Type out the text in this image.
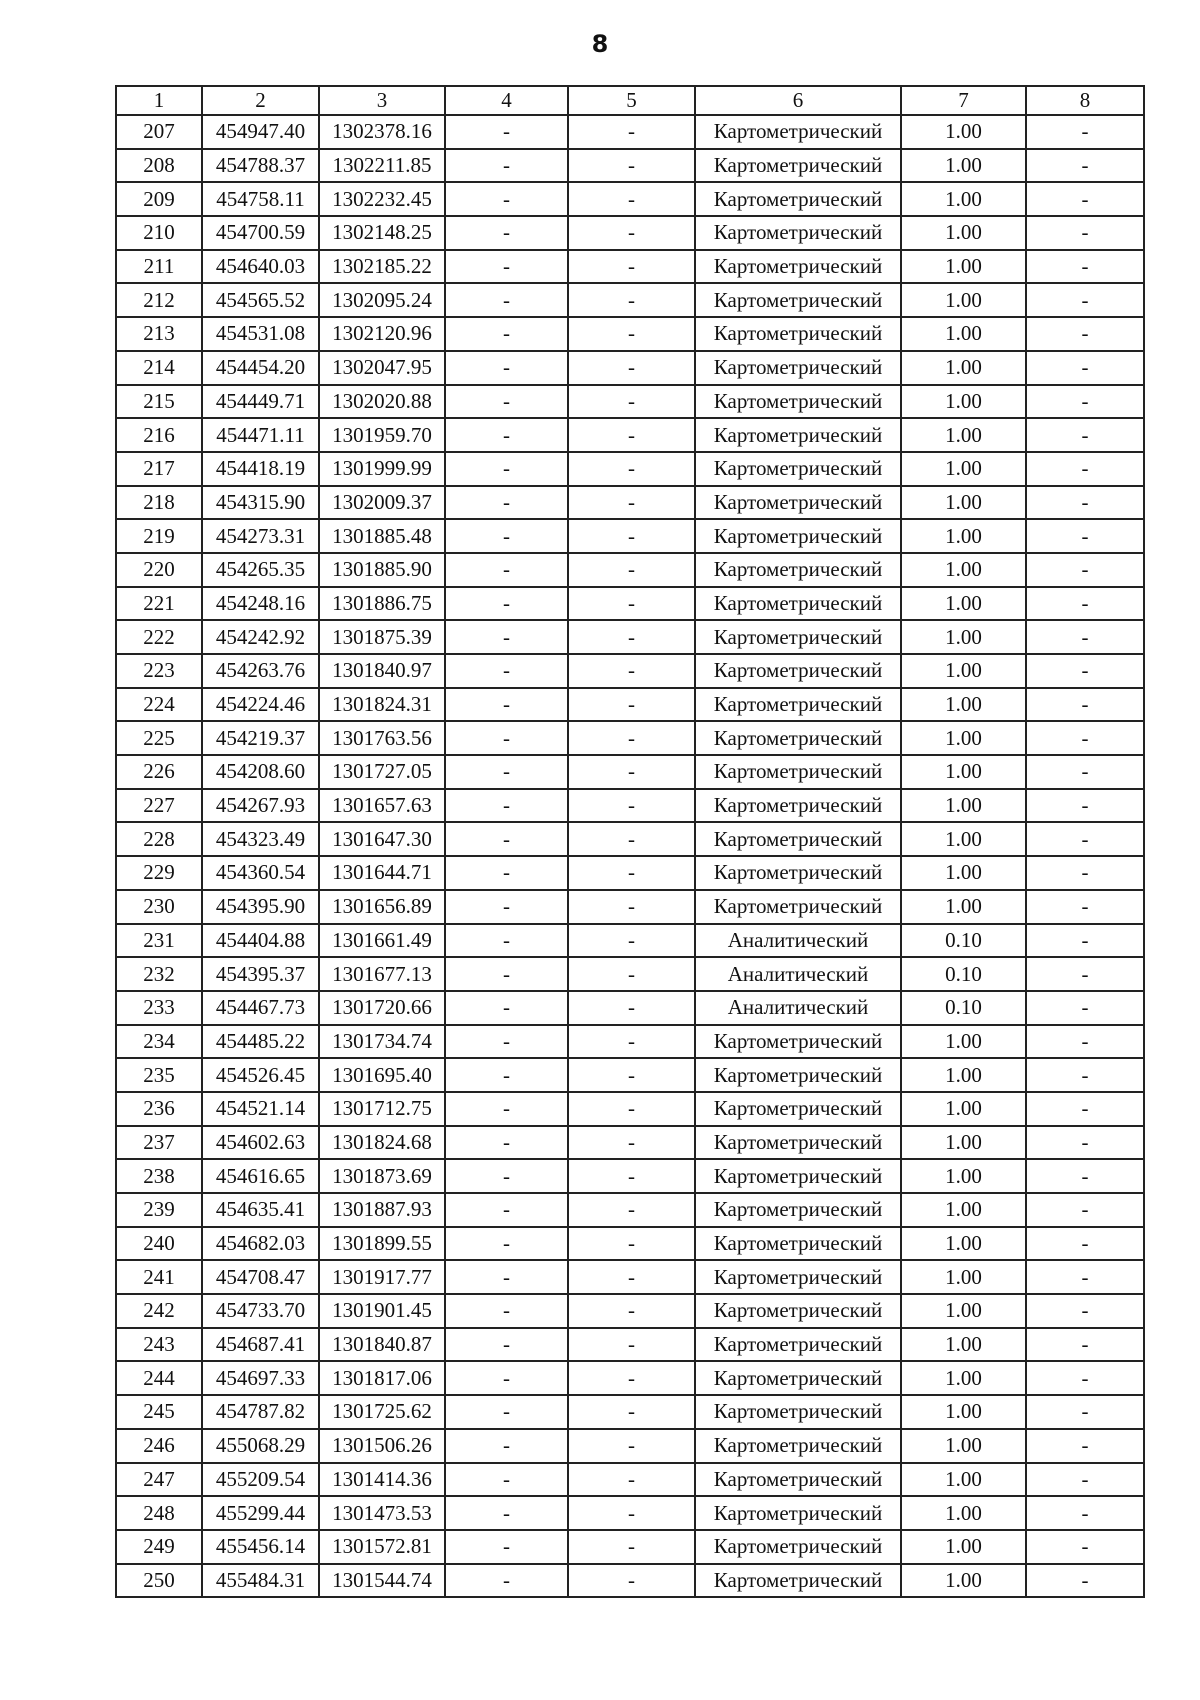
8
1	2	3	4	5	6	7	8
207	454947.40	1302378.16	-	-	Картометрический	1.00	-
208	454788.37	1302211.85	-	-	Картометрический	1.00	-
209	454758.11	1302232.45	-	-	Картометрический	1.00	-
210	454700.59	1302148.25	-	-	Картометрический	1.00	-
211	454640.03	1302185.22	-	-	Картометрический	1.00	-
212	454565.52	1302095.24	-	-	Картометрический	1.00	-
213	454531.08	1302120.96	-	-	Картометрический	1.00	-
214	454454.20	1302047.95	-	-	Картометрический	1.00	-
215	454449.71	1302020.88	-	-	Картометрический	1.00	-
216	454471.11	1301959.70	-	-	Картометрический	1.00	-
217	454418.19	1301999.99	-	-	Картометрический	1.00	-
218	454315.90	1302009.37	-	-	Картометрический	1.00	-
219	454273.31	1301885.48	-	-	Картометрический	1.00	-
220	454265.35	1301885.90	-	-	Картометрический	1.00	-
221	454248.16	1301886.75	-	-	Картометрический	1.00	-
222	454242.92	1301875.39	-	-	Картометрический	1.00	-
223	454263.76	1301840.97	-	-	Картометрический	1.00	-
224	454224.46	1301824.31	-	-	Картометрический	1.00	-
225	454219.37	1301763.56	-	-	Картометрический	1.00	-
226	454208.60	1301727.05	-	-	Картометрический	1.00	-
227	454267.93	1301657.63	-	-	Картометрический	1.00	-
228	454323.49	1301647.30	-	-	Картометрический	1.00	-
229	454360.54	1301644.71	-	-	Картометрический	1.00	-
230	454395.90	1301656.89	-	-	Картометрический	1.00	-
231	454404.88	1301661.49	-	-	Аналитический	0.10	-
232	454395.37	1301677.13	-	-	Аналитический	0.10	-
233	454467.73	1301720.66	-	-	Аналитический	0.10	-
234	454485.22	1301734.74	-	-	Картометрический	1.00	-
235	454526.45	1301695.40	-	-	Картометрический	1.00	-
236	454521.14	1301712.75	-	-	Картометрический	1.00	-
237	454602.63	1301824.68	-	-	Картометрический	1.00	-
238	454616.65	1301873.69	-	-	Картометрический	1.00	-
239	454635.41	1301887.93	-	-	Картометрический	1.00	-
240	454682.03	1301899.55	-	-	Картометрический	1.00	-
241	454708.47	1301917.77	-	-	Картометрический	1.00	-
242	454733.70	1301901.45	-	-	Картометрический	1.00	-
243	454687.41	1301840.87	-	-	Картометрический	1.00	-
244	454697.33	1301817.06	-	-	Картометрический	1.00	-
245	454787.82	1301725.62	-	-	Картометрический	1.00	-
246	455068.29	1301506.26	-	-	Картометрический	1.00	-
247	455209.54	1301414.36	-	-	Картометрический	1.00	-
248	455299.44	1301473.53	-	-	Картометрический	1.00	-
249	455456.14	1301572.81	-	-	Картометрический	1.00	-
250	455484.31	1301544.74	-	-	Картометрический	1.00	-
